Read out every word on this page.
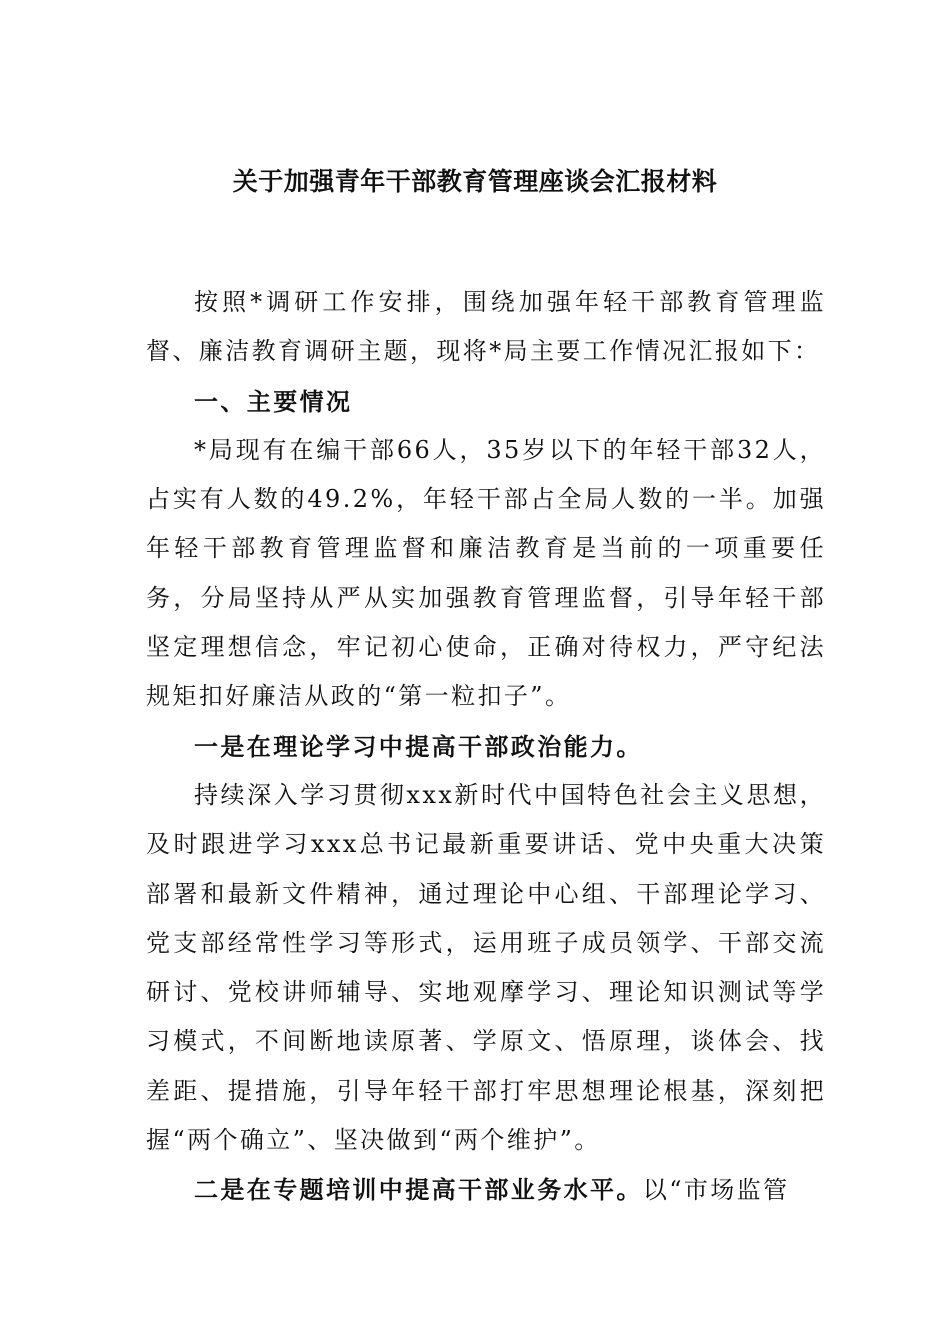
关于加强青年干部教育管理座谈会汇报材料

按照*调研工作安排，围绕加强年轻干部教育管理监督、廉洁教育调研主题，现将*局主要工作情况汇报如下：

一、主要情况

*局现有在编干部66人，35岁以下的年轻干部32人，占实有人数的49.2%，年轻干部占全局人数的一半。加强年轻干部教育管理监督和廉洁教育是当前的一项重要任务，分局坚持从严从实加强教育管理监督，引导年轻干部坚定理想信念，牢记初心使命，正确对待权力，严守纪法规矩扣好廉洁从政的“第一粒扣子”。

一是在理论学习中提高干部政治能力。

持续深入学习贯彻xxx新时代中国特色社会主义思想，及时跟进学习xxx总书记最新重要讲话、党中央重大决策部署和最新文件精神，通过理论中心组、干部理论学习、党支部经常性学习等形式，运用班子成员领学、干部交流研讨、党校讲师辅导、实地观摩学习、理论知识测试等学习模式，不间断地读原著、学原文、悟原理，谈体会、找差距、提措施，引导年轻干部打牢思想理论根基，深刻把握“两个确立”、坚决做到“两个维护”。

二是在专题培训中提高干部业务水平。以“市场监管
